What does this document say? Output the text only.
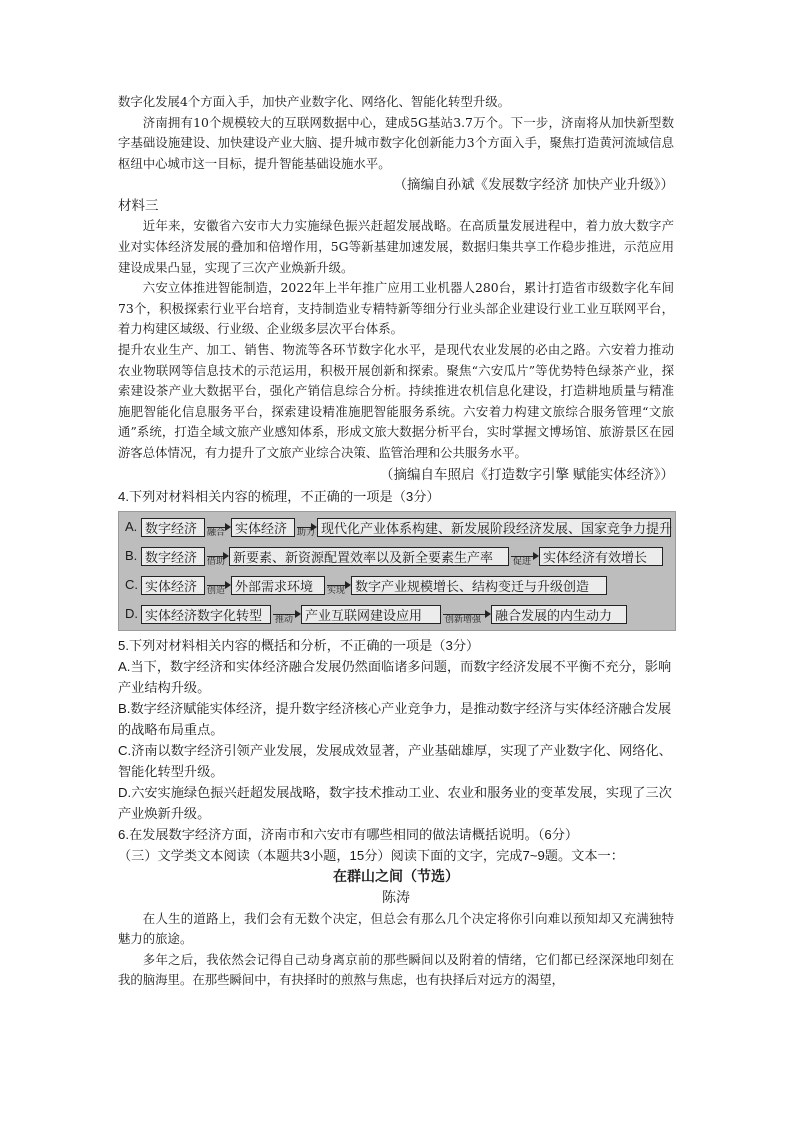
数字化发展4个方面入手，加快产业数字化、网络化、智能化转型升级。

济南拥有10个规模较大的互联网数据中心，建成5G基站3.7万个。下一步，济南将从加快新型数字基础设施建设、加快建设产业大脑、提升城市数字化创新能力3个方面入手，聚焦打造黄河流域信息枢纽中心城市这一目标，提升智能基础设施水平。

（摘编自孙斌《发展数字经济 加快产业升级》）

材料三

近年来，安徽省六安市大力实施绿色振兴赶超发展战略。在高质量发展进程中，着力放大数字产业对实体经济发展的叠加和倍增作用，5G等新基建加速发展，数据归集共享工作稳步推进，示范应用建设成果凸显，实现了三次产业焕新升级。

六安立体推进智能制造，2022年上半年推广应用工业机器人280台，累计打造省市级数字化车间73个，积极探索行业平台培育，支持制造业专精特新等细分行业头部企业建设行业工业互联网平台，着力构建区域级、行业级、企业级多层次平台体系。

提升农业生产、加工、销售、物流等各环节数字化水平，是现代农业发展的必由之路。六安着力推动农业物联网等信息技术的示范运用，积极开展创新和探索。聚焦“六安瓜片”等优势特色绿茶产业，探索建设茶产业大数据平台，强化产销信息综合分析。持续推进农机信息化建设，打造耕地质量与精准施肥智能化信息服务平台，探索建设精准施肥智能服务系统。六安着力构建文旅综合服务管理“文旅通”系统，打造全域文旅产业感知体系，形成文旅大数据分析平台，实时掌握文博场馆、旅游景区在园游客总体情况，有力提升了文旅产业综合决策、监管治理和公共服务水平。

（摘编自车照启《打造数字引擎 赋能实体经济》）

4.下列对材料相关内容的梳理，不正确的一项是（3分）

A. 数字经济	融合 实体经济	助力 现代化产业体系构建、新发展阶段经济发展、国家竞争力提升
B. 数字经济	借助 新要素、新资源配置效率以及新全要素生产率	促进 实体经济有效增长
C. 实体经济	创造 外部需求环境	实现 数字产业规模增长、结构变迁与升级创造
D. 实体经济数字化转型	推动 产业互联网建设应用	创新增强	融合发展的内生动力

5.下列对材料相关内容的概括和分析，不正确的一项是（3分）

A.当下，数字经济和实体经济融合发展仍然面临诸多问题，而数字经济发展不平衡不充分，影响产业结构升级。

B.数字经济赋能实体经济，提升数字经济核心产业竞争力，是推动数字经济与实体经济融合发展的战略布局重点。

C.济南以数字经济引领产业发展，发展成效显著，产业基础雄厚，实现了产业数字化、网络化、智能化转型升级。

D.六安实施绿色振兴赶超发展战略，数字技术推动工业、农业和服务业的变革发展，实现了三次产业焕新升级。

6.在发展数字经济方面，济南市和六安市有哪些相同的做法请概括说明。（6分）

（三）文学类文本阅读（本题共3小题，15分）阅读下面的文字，完成7~9题。文本一：

在群山之间（节选）

陈涛

在人生的道路上，我们会有无数个决定，但总会有那么几个决定将你引向难以预知却又充满独特魅力的旅途。

多年之后，我依然会记得自己动身离京前的那些瞬间以及附着的情绪，它们都已经深深地印刻在我的脑海里。在那些瞬间中，有抉择时的煎熬与焦虑，也有抉择后对远方的渴望，
